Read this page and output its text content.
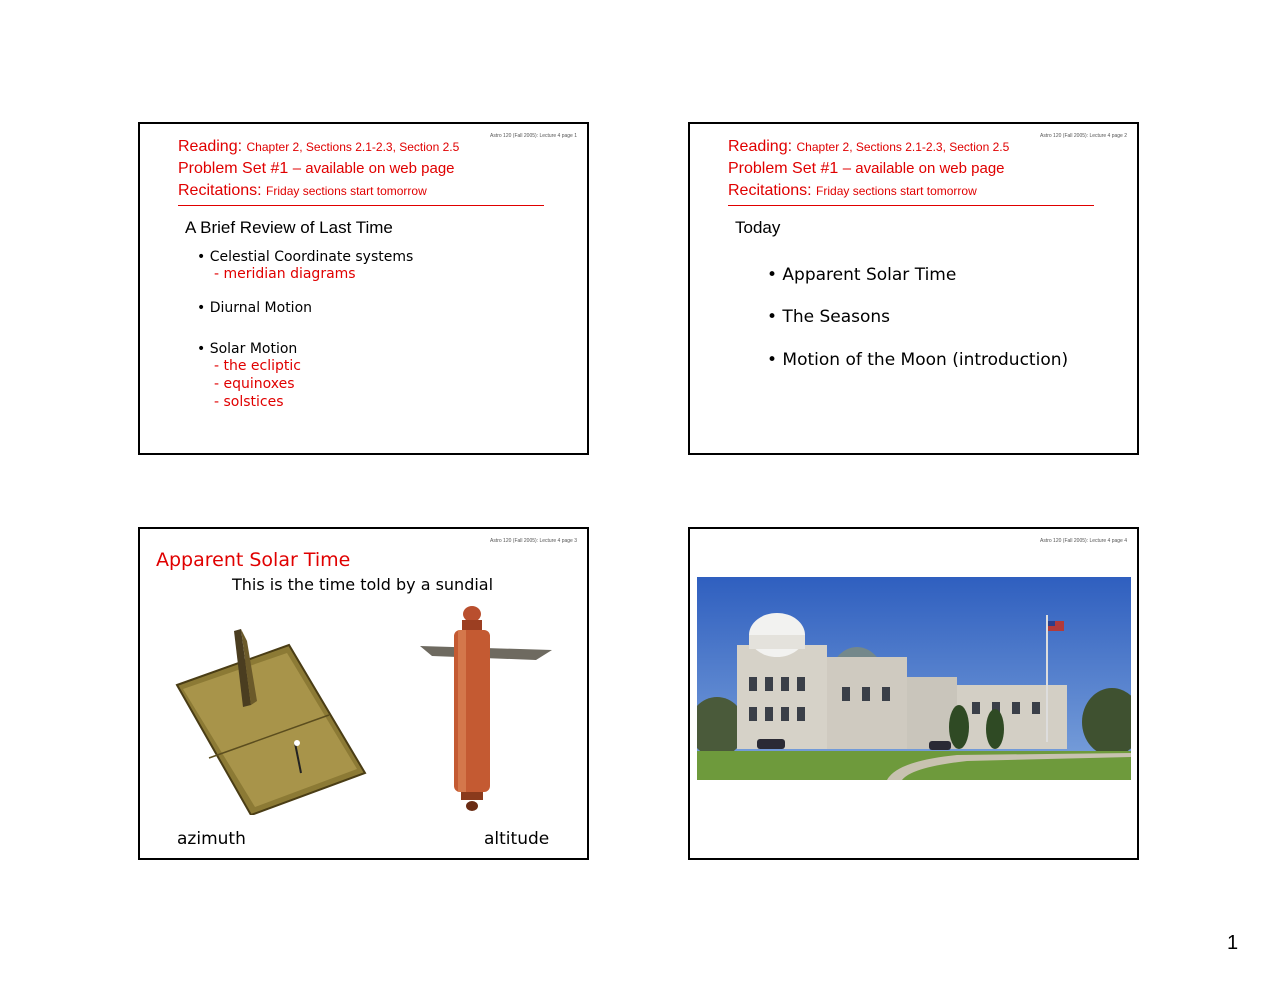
Astro 120 (Fall 2005): Lecture 4 page 1
Reading: Chapter 2, Sections 2.1-2.3, Section 2.5
Problem Set #1 – available on web page
Recitations: Friday sections start tomorrow
A Brief Review of Last Time
• Celestial Coordinate systems
- meridian diagrams
• Diurnal Motion
• Solar Motion
- the ecliptic
- equinoxes
- solstices
Astro 120 (Fall 2005): Lecture 4 page 2
Reading: Chapter 2, Sections 2.1-2.3, Section 2.5
Problem Set #1 – available on web page
Recitations: Friday sections start tomorrow
Today
• Apparent Solar Time
• The Seasons
• Motion of the Moon (introduction)
Astro 120 (Fall 2005): Lecture 4 page 3
Apparent Solar Time
This is the time told by a sundial
azimuth	altitude
Astro 120 (Fall 2005): Lecture 4 page 4
1
